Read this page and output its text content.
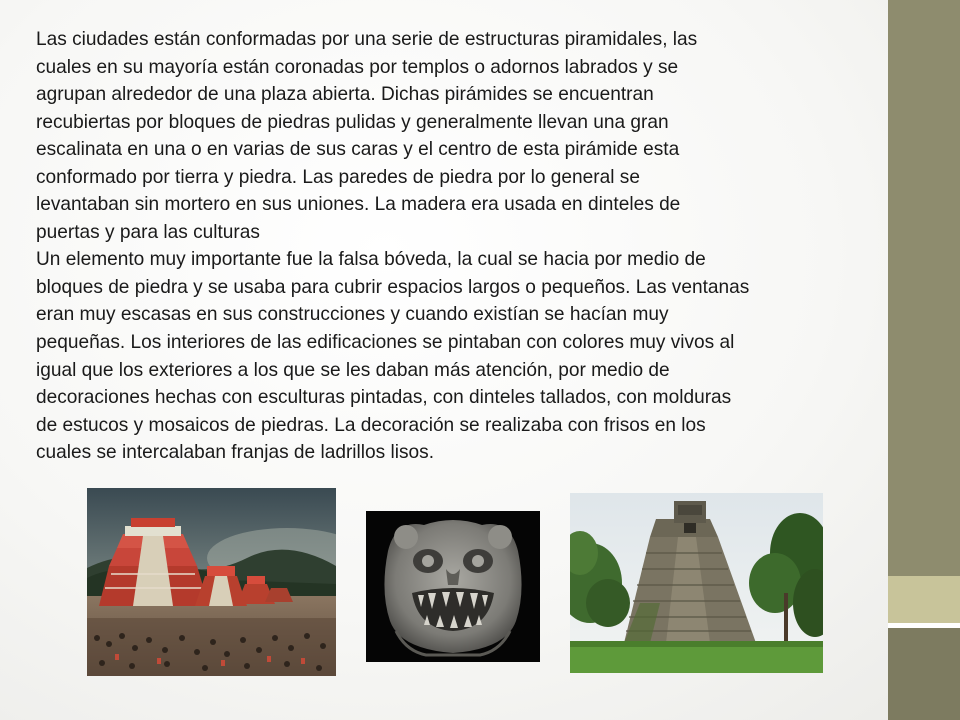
Las ciudades están conformadas por una serie de estructuras piramidales, las

cuales en su mayoría están coronadas por templos o adornos labrados y se

agrupan alrededor de una plaza abierta. Dichas pirámides se encuentran

recubiertas por bloques de piedras pulidas y generalmente llevan una gran

escalinata en una o en varias de sus caras y el centro de esta pirámide esta

conformado por tierra y piedra. Las paredes de piedra por lo general se

levantaban sin mortero en sus uniones. La madera era usada en dinteles de

puertas y para las culturas

Un elemento muy importante fue la falsa bóveda, la cual se hacia por medio de

bloques de piedra y se usaba para cubrir espacios largos o pequeños. Las ventanas

eran muy escasas en sus construcciones y cuando existían se hacían muy

pequeñas. Los interiores de las edificaciones se pintaban con colores muy vivos al

igual que los exteriores a los que se les daban más atención, por medio de

decoraciones hechas con esculturas pintadas, con dinteles tallados, con molduras

de estucos y mosaicos de piedras. La decoración se realizaba con frisos en los

cuales se intercalaban franjas de ladrillos lisos.
